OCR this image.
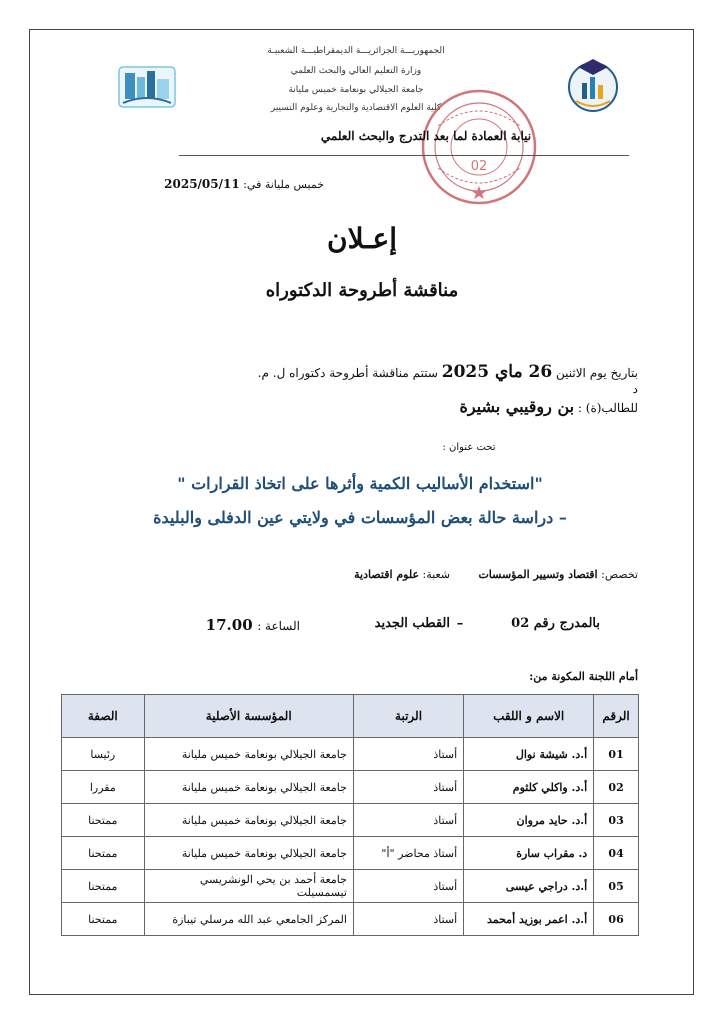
الجمهوريـــة الجزائريـــة الديمقراطيـــة الشعبيـة
وزارة التعليم العالي والبحث العلمي
جامعة الجيلالي بونعامة خميس مليانة
كلية العلوم الاقتصادية والتجارية وعلوم التسيير
02
نيابة العمادة لما بعد التدرج والبحث العلمي
خميس مليانة في: 2025/05/11
إعـلان
مناقشة أطروحة الدكتوراه
بتاريخ يوم الاثنين 26 ماي 2025 ستتم مناقشة أطروحة دكتوراه ل. م. د
للطالب(ة) : بن روقيبي بشيرة
تحت عنوان :
"استخدام الأساليب الكمية وأثرها على اتخاذ القرارات "
– دراسة حالة بعض المؤسسات في ولايتي عين الدفلى والبليدة
تخصص: اقتصاد وتسيير المؤسسات
شعبة: علوم اقتصادية
بالمدرج رقم 02
–
القطب الجديد
الساعة : 17.00
أمام اللجنة المكونة من:
الرقم	الاسم و اللقب	الرتبة	المؤسسة الأصلية	الصفة
01	أ.د. شيشة نوال	أستاذ	جامعة الجيلالي بونعامة خميس مليانة	رئيسا
02	أ.د. واكلي كلثوم	أستاذ	جامعة الجيلالي بونعامة خميس مليانة	مقررا
03	أ.د. حايد مروان	أستاذ	جامعة الجيلالي بونعامة خميس مليانة	ممتحنا
04	د. مقراب سارة	أستاذ محاضر "أ"	جامعة الجيلالي بونعامة خميس مليانة	ممتحنا
05	أ.د. دراجي عيسى	أستاذ	جامعة أحمد بن يحي الونشريسي تيسمسيلت	ممتحنا
06	أ.د. اعمر بوزيد أمحمد	أستاذ	المركز الجامعي عبد الله مرسلي تيبازة	ممتحنا
